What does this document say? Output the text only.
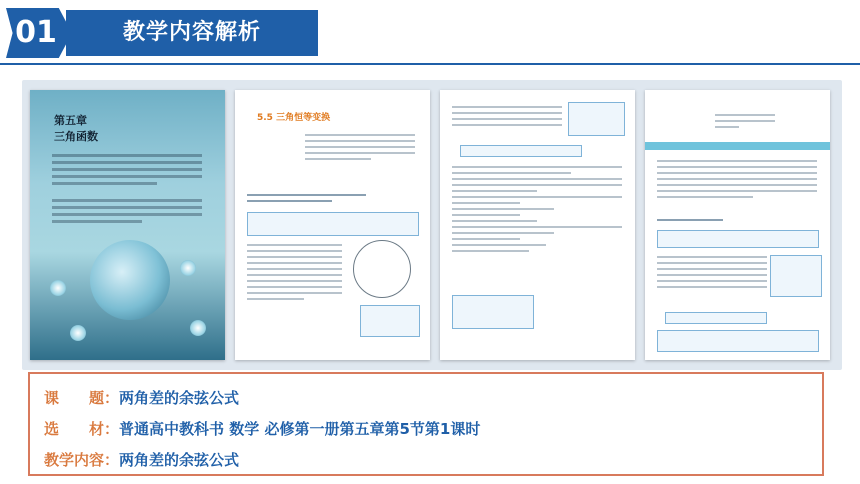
01	教学内容解析
第五章
三角函数
5.5 三角恒等变换
课　　题：两角差的余弦公式
选　　材：普通高中教科书 数学 必修第一册第五章第5节第1课时
教学内容：两角差的余弦公式
